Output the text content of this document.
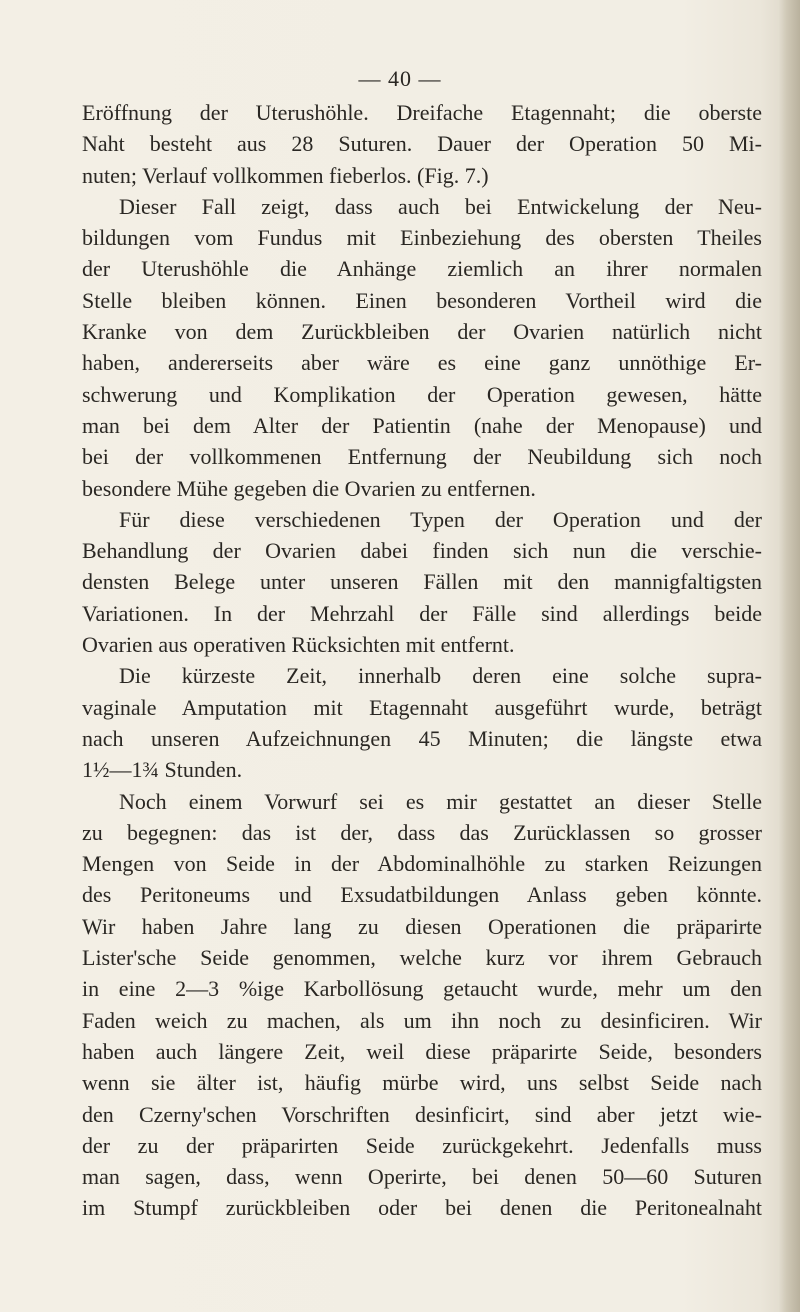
— 40 —
Eröffnung der Uterushöhle. Dreifache Etagennaht; die oberste
Naht besteht aus 28 Suturen. Dauer der Operation 50 Mi-
nuten; Verlauf vollkommen fieberlos. (Fig. 7.)
Dieser Fall zeigt, dass auch bei Entwickelung der Neu-
bildungen vom Fundus mit Einbeziehung des obersten Theiles
der Uterushöhle die Anhänge ziemlich an ihrer normalen
Stelle bleiben können. Einen besonderen Vortheil wird die
Kranke von dem Zurückbleiben der Ovarien natürlich nicht
haben, andererseits aber wäre es eine ganz unnöthige Er-
schwerung und Komplikation der Operation gewesen, hätte
man bei dem Alter der Patientin (nahe der Menopause) und
bei der vollkommenen Entfernung der Neubildung sich noch
besondere Mühe gegeben die Ovarien zu entfernen.
Für diese verschiedenen Typen der Operation und der
Behandlung der Ovarien dabei finden sich nun die verschie-
densten Belege unter unseren Fällen mit den mannigfaltigsten
Variationen. In der Mehrzahl der Fälle sind allerdings beide
Ovarien aus operativen Rücksichten mit entfernt.
Die kürzeste Zeit, innerhalb deren eine solche supra-
vaginale Amputation mit Etagennaht ausgeführt wurde, beträgt
nach unseren Aufzeichnungen 45 Minuten; die längste etwa
1½—1¾ Stunden.
Noch einem Vorwurf sei es mir gestattet an dieser Stelle
zu begegnen: das ist der, dass das Zurücklassen so grosser
Mengen von Seide in der Abdominalhöhle zu starken Reizungen
des Peritoneums und Exsudatbildungen Anlass geben könnte.
Wir haben Jahre lang zu diesen Operationen die präparirte
Lister'sche Seide genommen, welche kurz vor ihrem Gebrauch
in eine 2—3 %ige Karbollösung getaucht wurde, mehr um den
Faden weich zu machen, als um ihn noch zu desinficiren. Wir
haben auch längere Zeit, weil diese präparirte Seide, besonders
wenn sie älter ist, häufig mürbe wird, uns selbst Seide nach
den Czerny'schen Vorschriften desinficirt, sind aber jetzt wie-
der zu der präparirten Seide zurückgekehrt. Jedenfalls muss
man sagen, dass, wenn Operirte, bei denen 50—60 Suturen
im Stumpf zurückbleiben oder bei denen die Peritonealnaht
